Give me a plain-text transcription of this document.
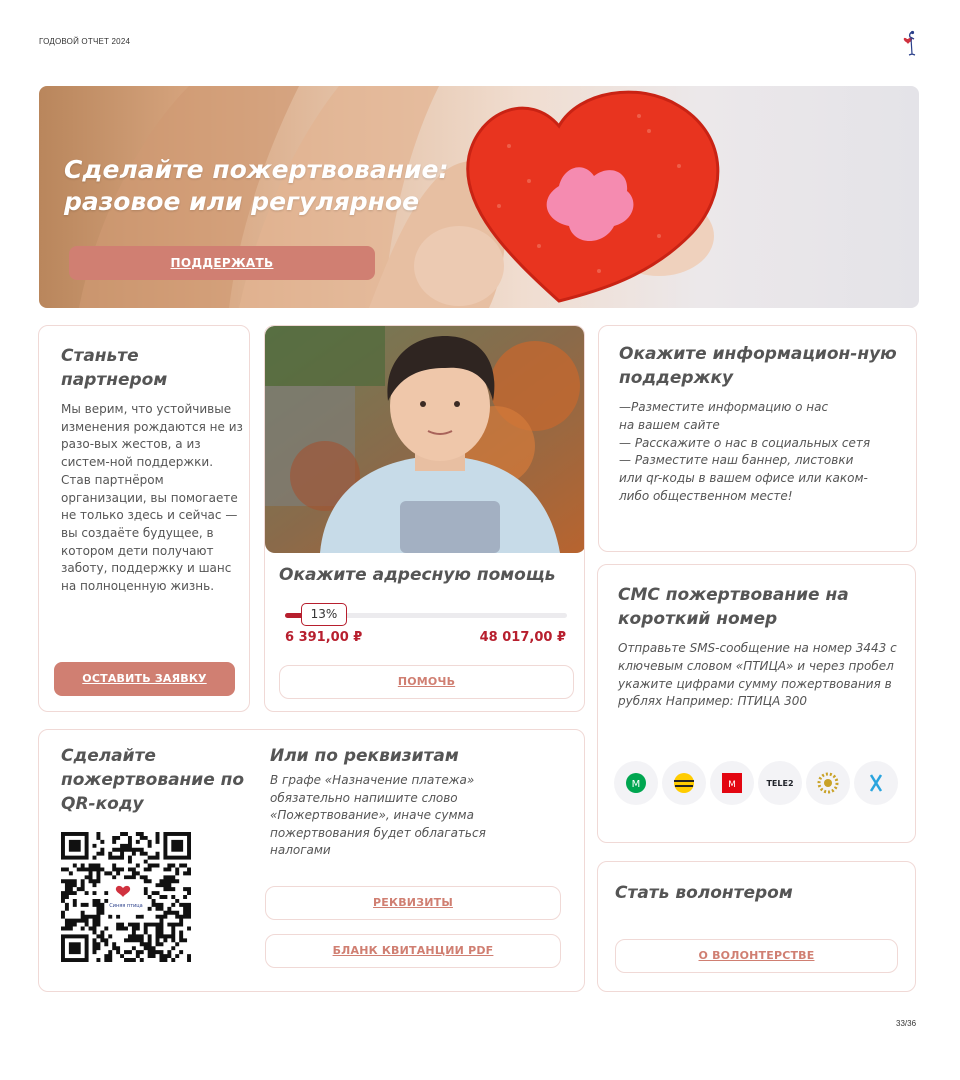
ГОДОВОЙ ОТЧЕТ 2024
Сделайте пожертвование: разовое или регулярное
ПОДДЕРЖАТЬ
Станьте партнером
Мы верим, что устойчивые изменения рождаются не из разо-вых жестов, а из систем-ной поддержки. Став партнёром организации, вы помогаете не только здесь и сейчас — вы создаёте будущее, в котором дети получают заботу, поддержку и шанс на полноценную жизнь.
ОСТАВИТЬ ЗАЯВКУ
Окажите адресную помощь
13%
6 391,00 ₽	48 017,00 ₽
ПОМОЧЬ
Окажите информацион-ную поддержку
—Разместите информацию о нас
на вашем сайте
— Расскажите о нас в социальных сетя
— Разместите наш баннер, листовки
или qr-коды в вашем офисе или каком-
либо общественном месте!
СМС пожертвование на короткий номер
Отправьте SMS-сообщение на номер 3443 с ключевым словом «ПТИЦА» и через пробел укажите цифрами сумму пожертвования в рублях Например: ПТИЦА 300
M	M	TELE2
Сделайте пожертвование по QR-коду
Синяя птица
Или по реквизитам
В графе «Назначение платежа» обязательно напишите слово «Пожертвование», иначе сумма пожертвования будет облагаться налогами
РЕКВИЗИТЫ
БЛАНК КВИТАНЦИИ PDF
Стать волонтером
О ВОЛОНТЕРСТВЕ
33/36
